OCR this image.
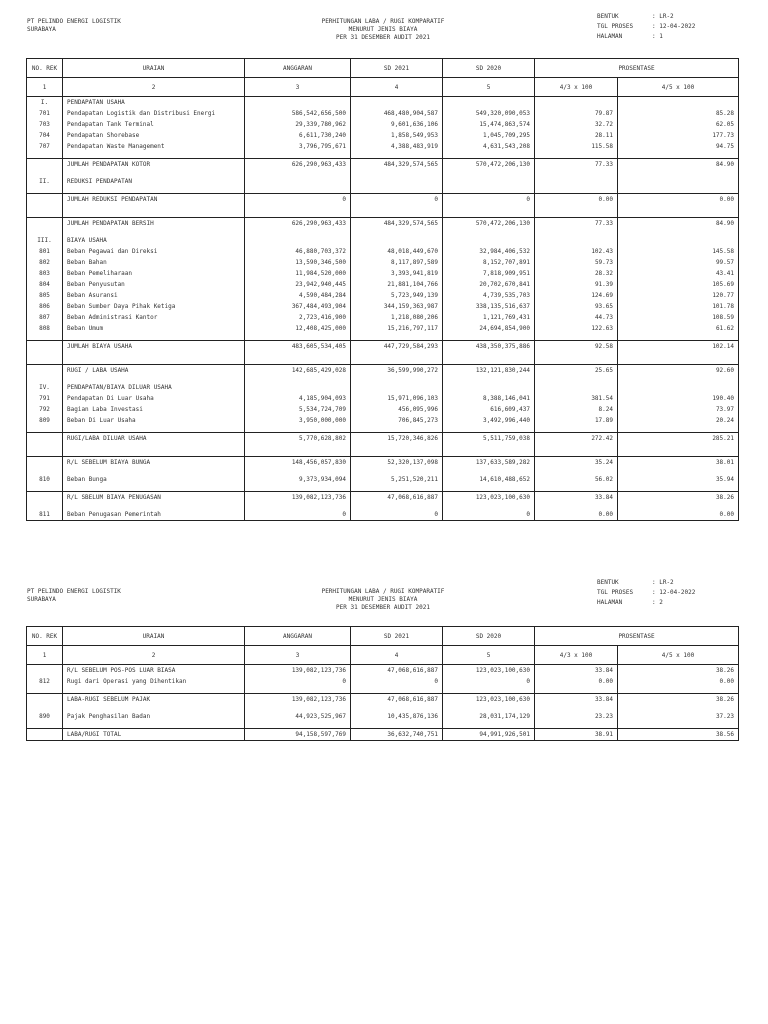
PT PELINDO ENERGI LOGISTIK
SURABAYA
PERHITUNGAN LABA / RUGI KOMPARATIF
MENURUT JENIS BIAYA
PER 31 DESEMBER AUDIT 2021
BENTUK	: LR-2
TGL PROSES	: 12-04-2022
HALAMAN	: 1
NO. REK	URAIAN	ANGGARAN	SD 2021	SD 2020	PROSENTASE	
1	2	3	4	5	4/3 x 100	4/5 x 100
I.	PENDAPATAN USAHA					
701	Pendapatan Logistik dan Distribusi Energi	586,542,656,500	468,480,904,587	549,320,090,053	79.87	85.28
703	Pendapatan Tank Terminal	29,339,780,962	9,601,636,106	15,474,863,574	32.72	62.05
704	Pendapatan Shorebase	6,611,730,240	1,858,549,953	1,045,709,295	28.11	177.73
707	Pendapatan Waste Management	3,796,795,671	4,388,483,919	4,631,543,208	115.58	94.75

	JUMLAH PENDAPATAN KOTOR	626,290,963,433	484,329,574,565	570,472,206,130	77.33	84.90

II.	REDUKSI PENDAPATAN					

	JUMLAH REDUKSI PENDAPATAN	0	0	0	0.00	0.00

	JUMLAH PENDAPATAN BERSIH	626,290,963,433	484,329,574,565	570,472,206,130	77.33	84.90

III.	BIAYA USAHA					
801	Beban Pegawai dan Direksi	46,880,703,372	48,018,449,670	32,984,406,532	102.43	145.58
802	Beban Bahan	13,590,346,500	8,117,897,589	8,152,707,891	59.73	99.57
803	Beban Pemeliharaan	11,984,520,000	3,393,941,819	7,818,909,951	28.32	43.41
804	Beban Penyusutan	23,942,940,445	21,881,104,766	20,702,670,841	91.39	105.69
805	Beban Asuransi	4,590,484,284	5,723,949,139	4,739,535,703	124.69	120.77
806	Beban Sumber Daya Pihak Ketiga	367,484,493,904	344,159,363,987	338,135,516,637	93.65	101.78
807	Beban Administrasi Kantor	2,723,416,900	1,218,080,206	1,121,769,431	44.73	108.59
808	Beban Umum	12,408,425,000	15,216,797,117	24,694,854,900	122.63	61.62

	JUMLAH BIAYA USAHA	483,605,534,405	447,729,584,293	438,350,375,886	92.58	102.14

	RUGI / LABA USAHA	142,685,429,028	36,599,990,272	132,121,830,244	25.65	92.60

IV.	PENDAPATAN/BIAYA DILUAR USAHA					
791	Pendapatan Di Luar Usaha	4,185,904,093	15,971,096,103	8,388,146,041	381.54	190.40
792	Bagian Laba Investasi	5,534,724,709	456,095,996	616,609,437	8.24	73.97
809	Beban Di Luar Usaha	3,950,000,000	706,845,273	3,492,996,440	17.89	20.24

	RUGI/LABA DILUAR USAHA	5,770,628,802	15,720,346,826	5,511,759,038	272.42	285.21

	R/L SEBELUM BIAYA BUNGA	148,456,057,830	52,320,137,098	137,633,589,282	35.24	38.01

810	Beban Bunga	9,373,934,094	5,251,520,211	14,610,488,652	56.02	35.94

	R/L SBELUM BIAYA PENUGASAN	139,082,123,736	47,068,616,887	123,023,100,630	33.84	38.26

811	Beban Penugasan Pemerintah	0	0	0	0.00	0.00
PT PELINDO ENERGI LOGISTIK
SURABAYA
PERHITUNGAN LABA / RUGI KOMPARATIF
MENURUT JENIS BIAYA
PER 31 DESEMBER AUDIT 2021
BENTUK	: LR-2
TGL PROSES	: 12-04-2022
HALAMAN	: 2
NO. REK	URAIAN	ANGGARAN	SD 2021	SD 2020	PROSENTASE	
1	2	3	4	5	4/3 x 100	4/5 x 100
	R/L SEBELUM POS-POS LUAR BIASA	139,082,123,736	47,068,616,887	123,023,100,630	33.84	38.26
812	Rugi dari Operasi yang Dihentikan	0	0	0	0.00	0.00

	LABA-RUGI SEBELUM PAJAK	139,082,123,736	47,068,616,887	123,023,100,630	33.84	38.26

890	Pajak Penghasilan Badan	44,923,525,967	10,435,876,136	28,031,174,129	23.23	37.23

	LABA/RUGI TOTAL	94,158,597,769	36,632,740,751	94,991,926,501	38.91	38.56
